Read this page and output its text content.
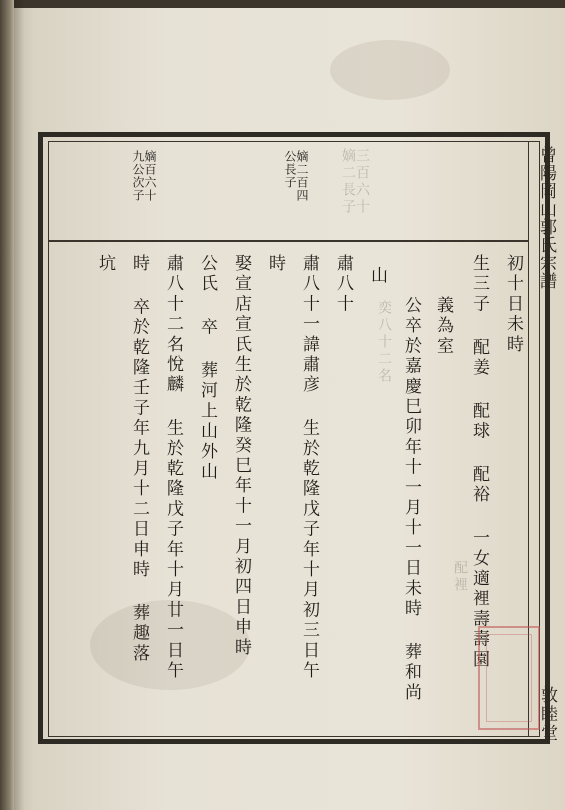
曾陽岡山郭氏宗譜
敦睦堂
嫡百六十
九公次子	嫡二百四
公長子
初十日未時
生三子 配姜 配球 配裕 一女適裡壽壽園
義為室
公卒於嘉慶巳卯年十一月十一日未時 葬和尚
山
肅八十
肅八十一諱肅彦 生於乾隆戊子年十月初三日午
時
娶宣店宣氏生於乾隆癸巳年十一月初四日申時
公氏 卒 葬河上山外山
肅八十二名悅麟 生於乾隆戊子年十月廿一日午
時 卒於乾隆壬子年九月十二日申時 葬趣落
坑
三百六十
嫡二長子
奕八十二名
配裡
